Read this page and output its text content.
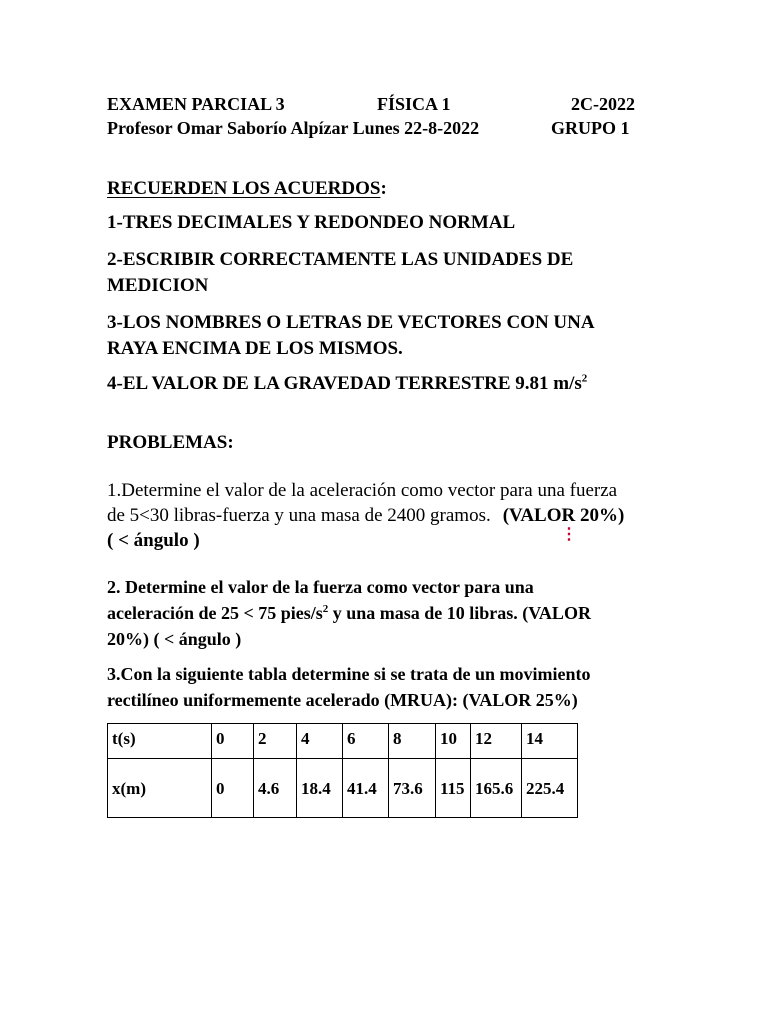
EXAMEN PARCIAL 3	FÍSICA 1	2C-2022
Profesor Omar Saborío Alpízar Lunes 22-8-2022	GRUPO 1
RECUERDEN LOS ACUERDOS:
1-TRES DECIMALES Y REDONDEO NORMAL
2-ESCRIBIR CORRECTAMENTE LAS UNIDADES DE
MEDICION
3-LOS NOMBRES O LETRAS DE VECTORES CON UNA
RAYA ENCIMA DE LOS MISMOS.
4-EL VALOR DE LA GRAVEDAD TERRESTRE 9.81 $m/s^2$
PROBLEMAS:
1.Determine el valor de la aceleración como vector para una fuerza
de 5<30 libras-fuerza y una masa de 2400 gramos. (VALOR 20%)
( < ángulo )	⋮
2. Determine el valor de la fuerza como vector para una
aceleración de 25 < 75 pies/$s^2$ y una masa de 10 libras. (VALOR
20%) ( < ángulo )
3.Con la siguiente tabla determine si se trata de un movimiento
rectilíneo uniformemente acelerado (MRUA): (VALOR 25%)
t(s)	0	2	4	6	8	10	12	14
x(m)	0	4.6	18.4	41.4	73.6	115	165.6	225.4
